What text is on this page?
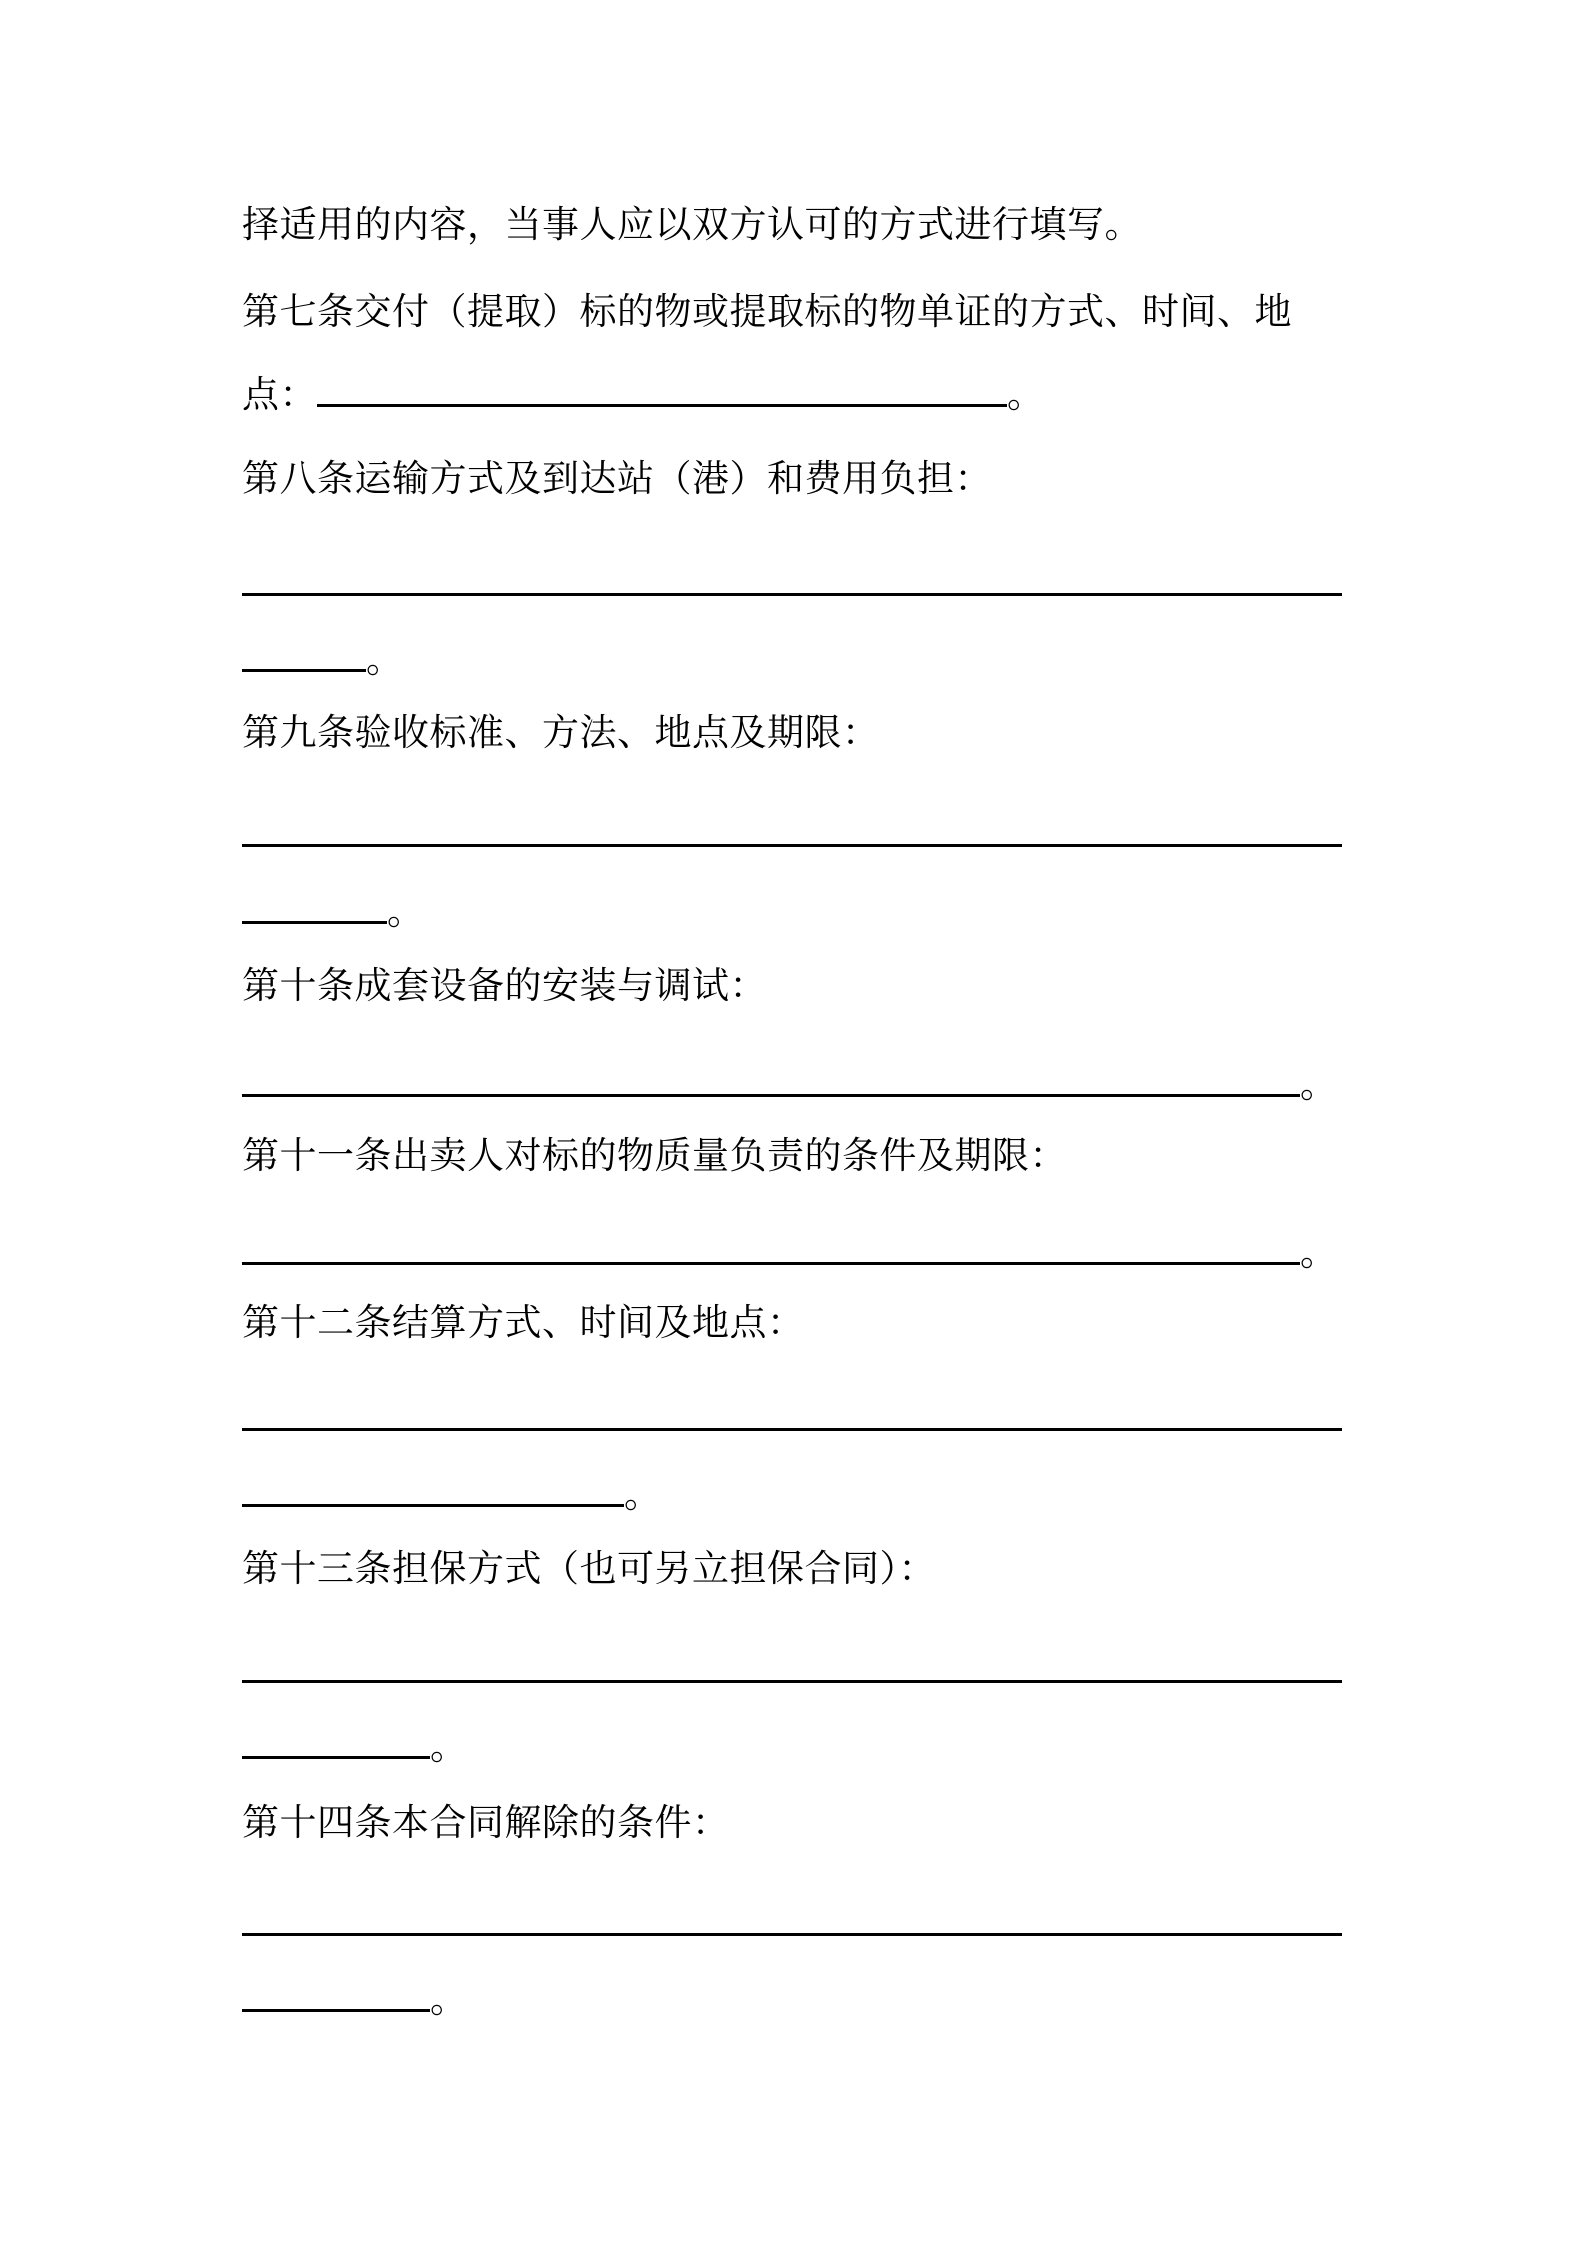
择适用的内容，当事人应以双方认可的方式进行填写。
第七条交付（提取）标的物或提取标的物单证的方式、时间、地
点：	。
第八条运输方式及到达站（港）和费用负担：
。
第九条验收标准、方法、地点及期限：
。
第十条成套设备的安装与调试：
。
第十一条出卖人对标的物质量负责的条件及期限：
。
第十二条结算方式、时间及地点：
。
第十三条担保方式（也可另立担保合同）：
。
第十四条本合同解除的条件：
。
